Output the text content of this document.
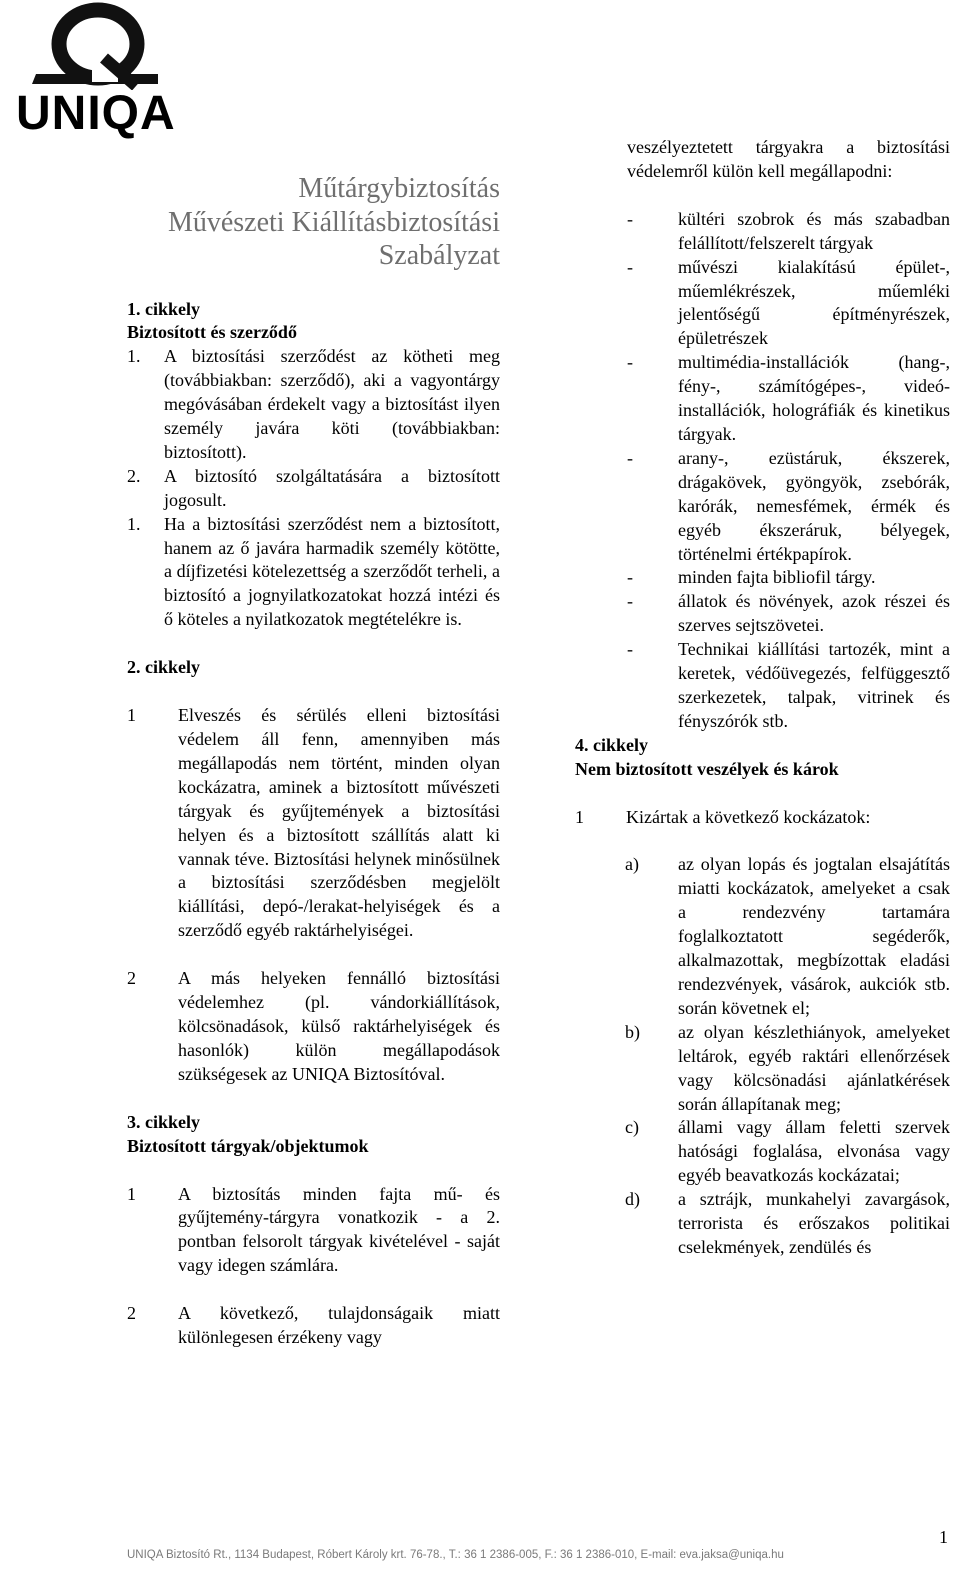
UNIQA
Műtárgybiztosítás
Művészeti Kiállításbiztosítási
Szabályzat
1. cikkely
Biztosított és szerződő
1. A biztosítási szerződést az kötheti meg (továbbiakban: szerződő), aki a vagyontárgy megóvásában érdekelt vagy a biztosítást ilyen személy javára köti (továbbiakban: biztosított).
2. A biztosító szolgáltatására a biztosított jogosult.
1. Ha a biztosítási szerződést nem a biztosított, hanem az ő javára harmadik személy kötötte, a díjfizetési kötelezettség a szerződőt terheli, a biztosító a jognyilatkozatokat hozzá intézi és ő köteles a nyilatkozatok megtételékre is.
2. cikkely
1 Elveszés és sérülés elleni biztosítási védelem áll fenn, amennyiben más megállapodás nem történt, minden olyan kockázatra, aminek a biztosított művészeti tárgyak és gyűjtemények a biztosítási helyen és a biztosított szállítás alatt ki vannak téve. Biztosítási helynek minősülnek a biztosítási szerződésben megjelölt kiállítási, depó-/lerakat-helyiségek és a szerződő egyéb raktárhelyiségei.
2 A más helyeken fennálló biztosítási védelemhez (pl. vándorkiállítások, kölcsönadások, külső raktárhelyiségek és hasonlók) külön megállapodások szükségesek az UNIQA Biztosítóval.
3. cikkely
Biztosított tárgyak/objektumok
1 A biztosítás minden fajta mű- és gyűjtemény-tárgyra vonatkozik - a 2. pontban felsorolt tárgyak kivételével - saját vagy idegen számlára.
2 A következő, tulajdonságaik miatt különlegesen érzékeny vagy

veszélyeztetett tárgyakra a biztosítási védelemről külön kell megállapodni:

-	kültéri szobrok és más szabadban felállított/felszerelt tárgyak
-	művészi kialakítású épület-, műemlékrészek, műemléki jelentőségű építményrészek, épületrészek
-	multimédia-installációk (hang-, fény-, számítógépes-, videó-installációk, holográfiák és kinetikus tárgyak.
-	arany-, ezüstáruk, ékszerek, drágakövek, gyöngyök, zsebórák, karórák, nemesfémek, érmék és egyéb ékszeráruk, bélyegek, történelmi értékpapírok.
-	minden fajta bibliofil tárgy.
-	állatok és növények, azok részei és szerves sejtszövetei.
-	Technikai kiállítási tartozék, mint a keretek, védőüvegezés, felfüggesztő szerkezetek, talpak, vitrinek és fényszórók stb.
4. cikkely
Nem biztosított veszélyek és károk
1 Kizártak a következő kockázatok:
a) az olyan lopás és jogtalan elsajátítás miatti kockázatok, amelyeket a csak a rendezvény tartamára foglalkoztatott segéderők, alkalmazottak, megbízottak eladási rendezvények, vásárok, aukciók stb. során követnek el;
b) az olyan készlethiányok, amelyeket leltárok, egyéb raktári ellenőrzések vagy kölcsönadási ajánlatkérések során állapítanak meg;
c) állami vagy állam feletti szervek hatósági foglalása, elvonása vagy egyéb beavatkozás kockázatai;
d) a sztrájk, munkahelyi zavargások, terrorista és erőszakos politikai cselekmények, zendülés és
1
UNIQA Biztosító Rt., 1134 Budapest, Róbert Károly krt. 76-78., T.: 36 1 2386-005, F.: 36 1 2386-010, E-mail: eva.jaksa@uniqa.hu
